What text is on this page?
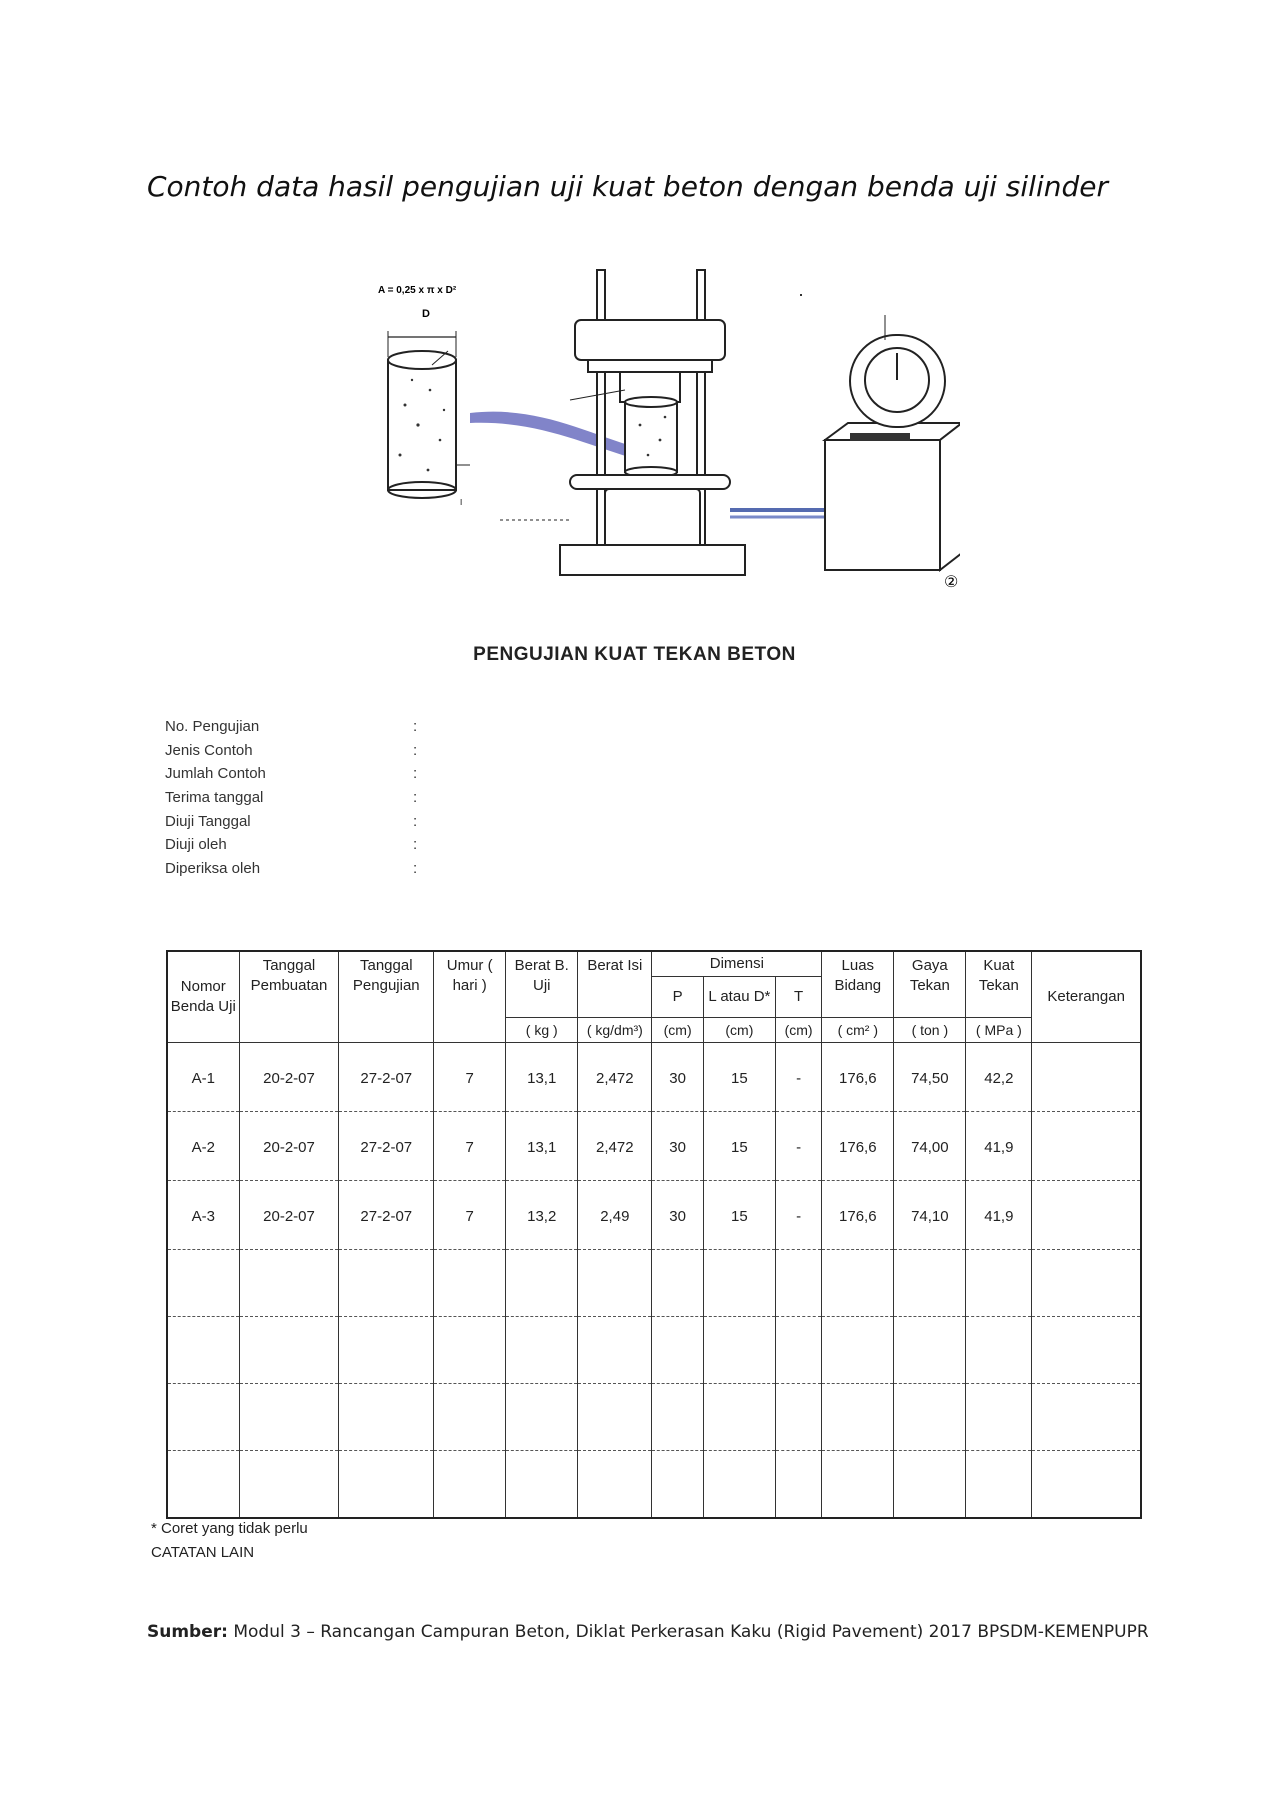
Contoh data hasil pengujian uji kuat beton dengan benda uji silinder
A = 0,25 x π x D²
D
I
②
PENGUJIAN KUAT TEKAN BETON
No. Pengujian	:
Jenis Contoh	:
Jumlah Contoh	:
Terima tanggal	:
Diuji Tanggal	:
Diuji oleh	:
Diperiksa oleh	:
Nomor Benda Uji	Tanggal Pembuatan	Tanggal Pengujian	Umur ( hari )	Berat B. Uji	Berat Isi	Dimensi			Luas Bidang	Gaya Tekan	Kuat Tekan	Keterangan
						P	L atau D*	T				
				( kg )	( kg/dm³)	(cm)	(cm)	(cm)	( cm² )	( ton )	( MPa )	
A-1	20-2-07	27-2-07	7	13,1	2,472	30	15	-	176,6	74,50	42,2	
A-2	20-2-07	27-2-07	7	13,1	2,472	30	15	-	176,6	74,00	41,9	
A-3	20-2-07	27-2-07	7	13,2	2,49	30	15	-	176,6	74,10	41,9	

* Coret yang tidak perlu
CATATAN LAIN
Sumber: Modul 3 – Rancangan Campuran Beton, Diklat Perkerasan Kaku (Rigid Pavement) 2017 BPSDM-KEMENPUPR
